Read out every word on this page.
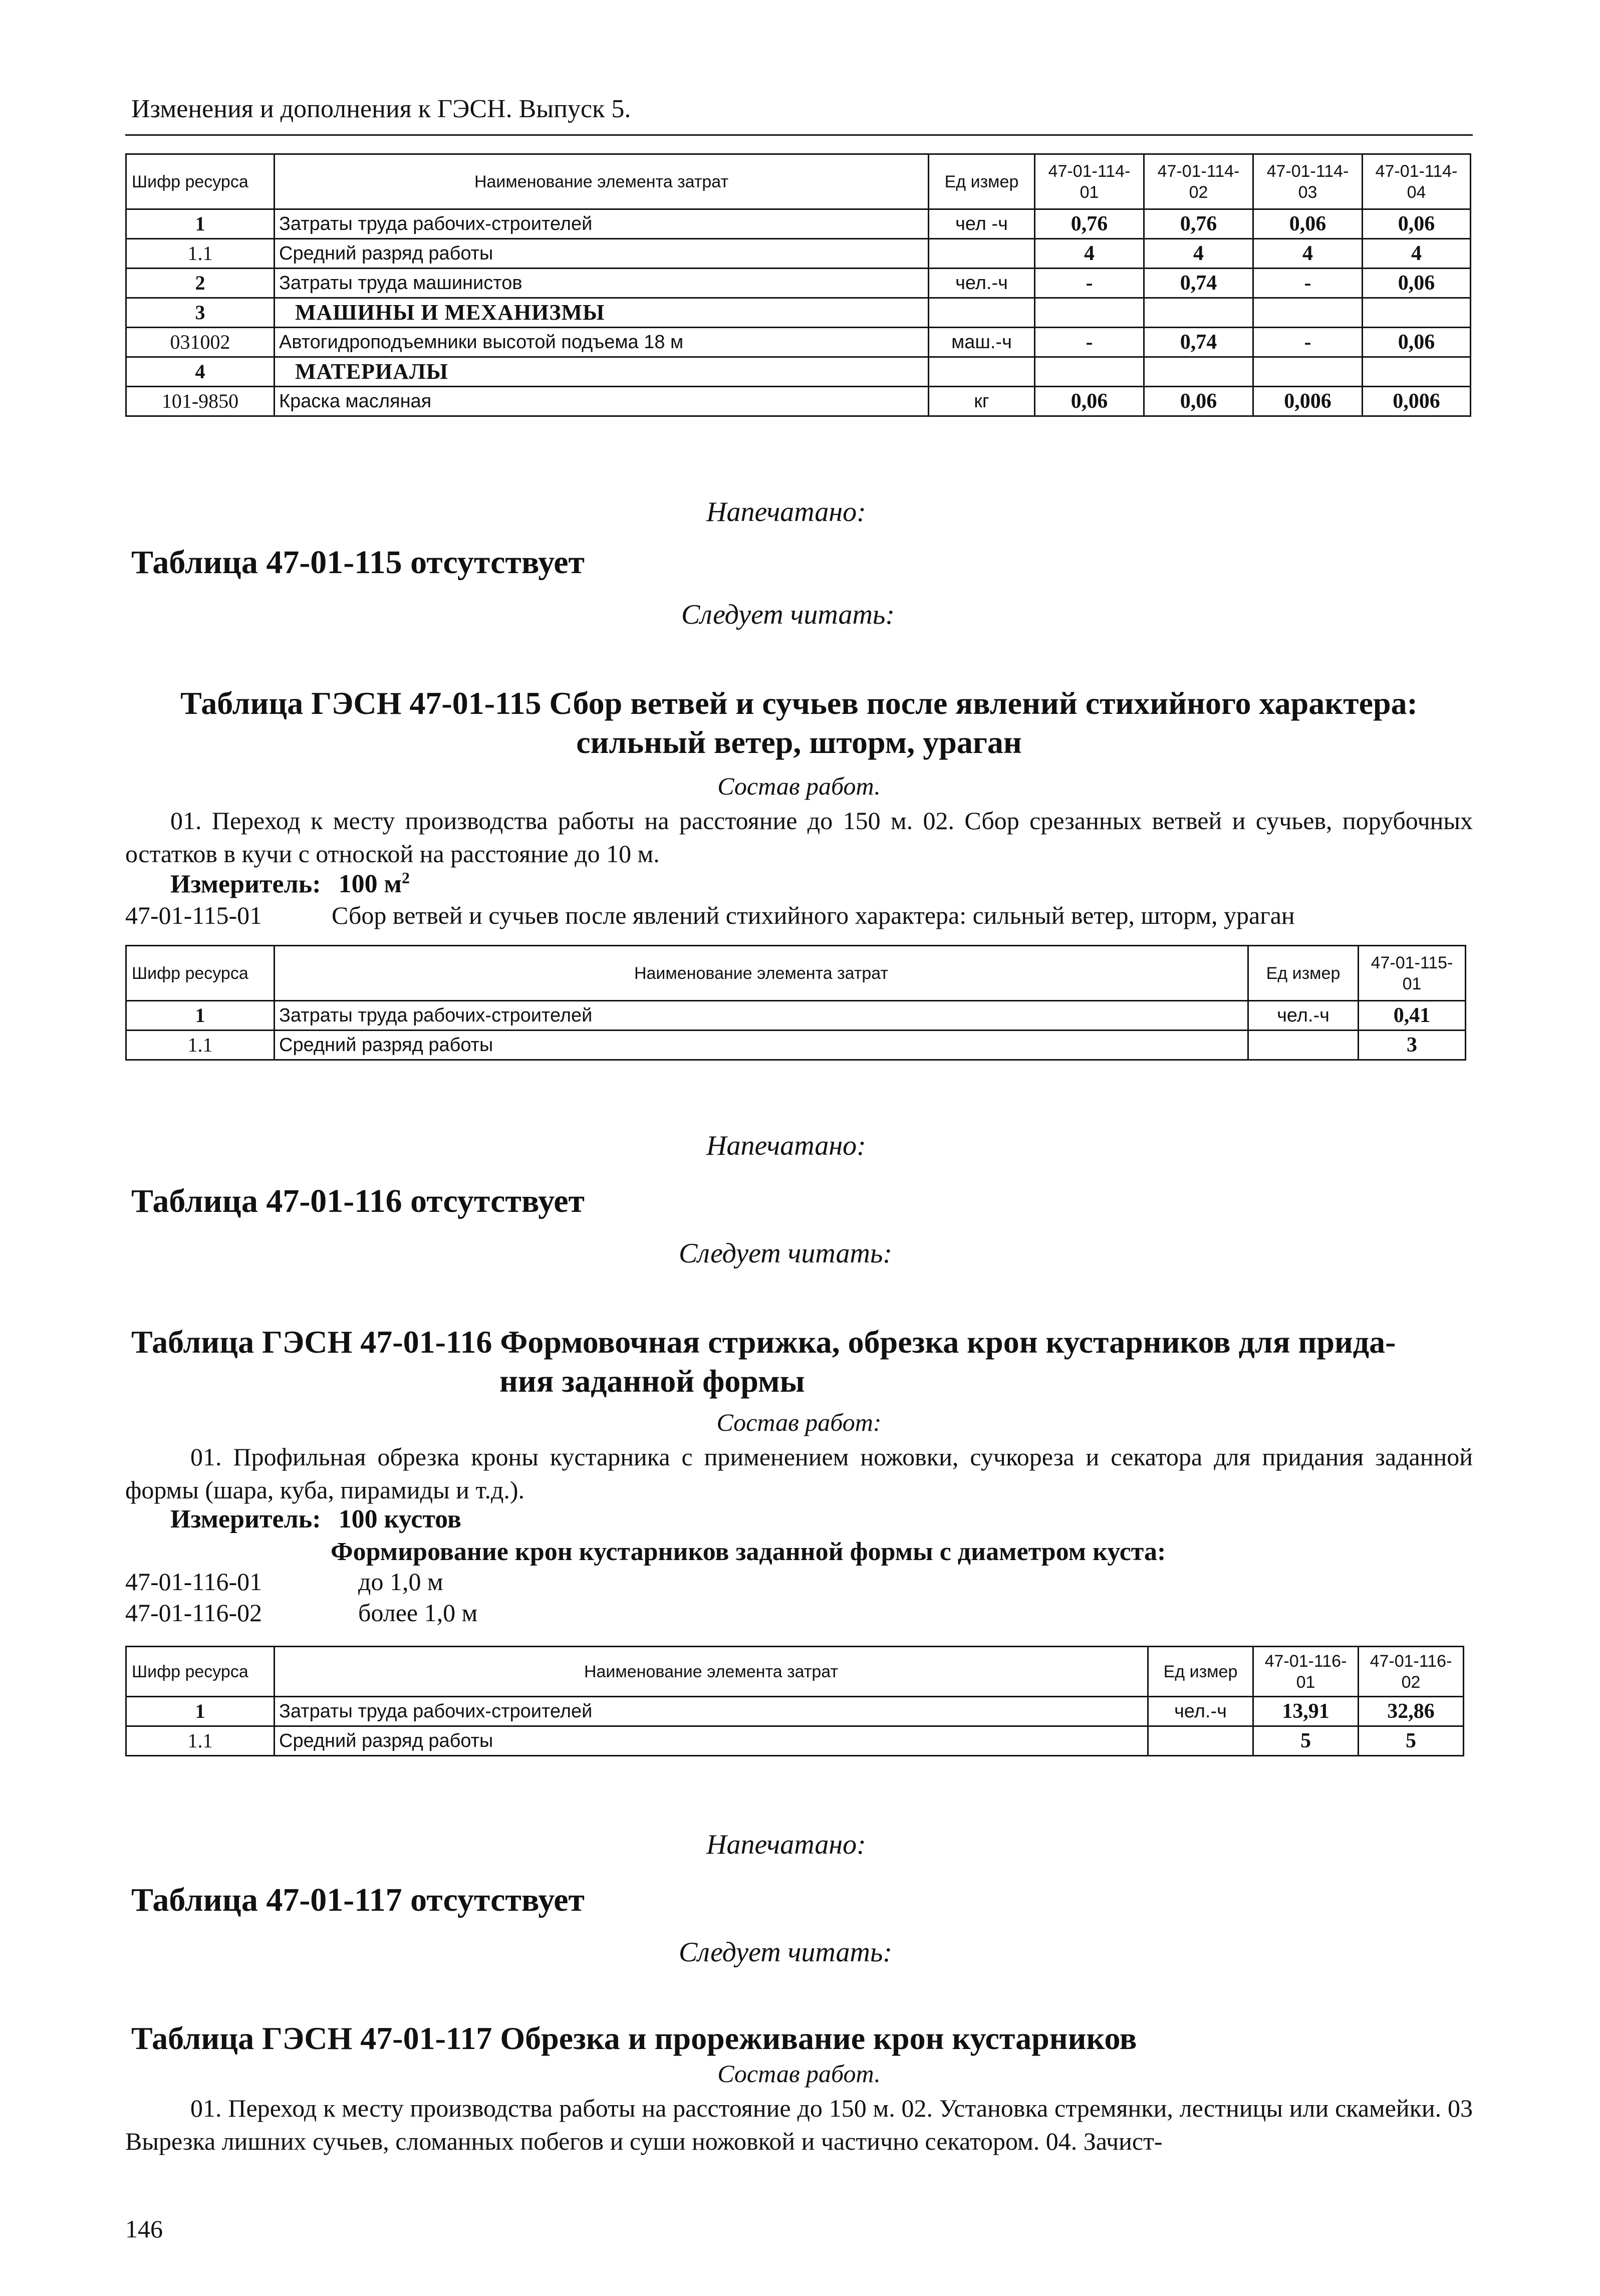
Изменения и дополнения к ГЭСН. Выпуск 5.
Шифр ресурса	Наименование элемента затрат	Ед измер	47-01-114-01	47-01-114-02	47-01-114-03	47-01-114-04
1	Затраты труда рабочих-строителей	чел -ч	0,76	0,76	0,06	0,06
1.1	Средний разряд работы		4	4	4	4
2	Затраты труда машинистов	чел.-ч	-	0,74	-	0,06
3	МАШИНЫ И МЕХАНИЗМЫ					
031002	Автогидроподъемники высотой подъема 18 м	маш.-ч	-	0,74	-	0,06
4	МАТЕРИАЛЫ					
101-9850	Краска масляная	кг	0,06	0,06	0,006	0,006
Напечатано:
Таблица 47-01-115 отсутствует
Следует читать:
Таблица ГЭСН 47-01-115 Сбор ветвей и сучьев после явлений стихийного характера:
сильный ветер, шторм, ураган
Состав работ.
01. Переход к месту производства работы на расстояние до 150 м. 02. Сбор срезанных ветвей и сучьев, порубочных остатков в кучи с отноской на расстояние до 10 м.
Измеритель: 100 $м^2$
47-01-115-01	Сбор ветвей и сучьев после явлений стихийного характера: сильный ветер, шторм, ураган
Шифр ресурса	Наименование элемента затрат	Ед измер	47-01-115-01
1	Затраты труда рабочих-строителей	чел.-ч	0,41
1.1	Средний разряд работы		3
Напечатано:
Таблица 47-01-116 отсутствует
Следует читать:
Таблица ГЭСН 47-01-116 Формовочная стрижка, обрезка крон кустарников для прида-
ния заданной формы
Состав работ:
01. Профильная обрезка кроны кустарника с применением ножовки, сучкореза и секатора для придания заданной формы (шара, куба, пирамиды и т.д.).
Измеритель: 100 кустов
Формирование крон кустарников заданной формы с диаметром куста:
47-01-116-01	до 1,0 м
47-01-116-02	более 1,0 м
Шифр ресурса	Наименование элемента затрат	Ед измер	47-01-116-01	47-01-116-02
1	Затраты труда рабочих-строителей	чел.-ч	13,91	32,86
1.1	Средний разряд работы		5	5
Напечатано:
Таблица 47-01-117 отсутствует
Следует читать:
Таблица ГЭСН 47-01-117 Обрезка и прореживание крон кустарников
Состав работ.
01. Переход к месту производства работы на расстояние до 150 м. 02. Установка стремянки, лестницы или скамейки. 03 Вырезка лишних сучьев, сломанных побегов и суши ножовкой и частично секатором. 04. Зачист-
146
